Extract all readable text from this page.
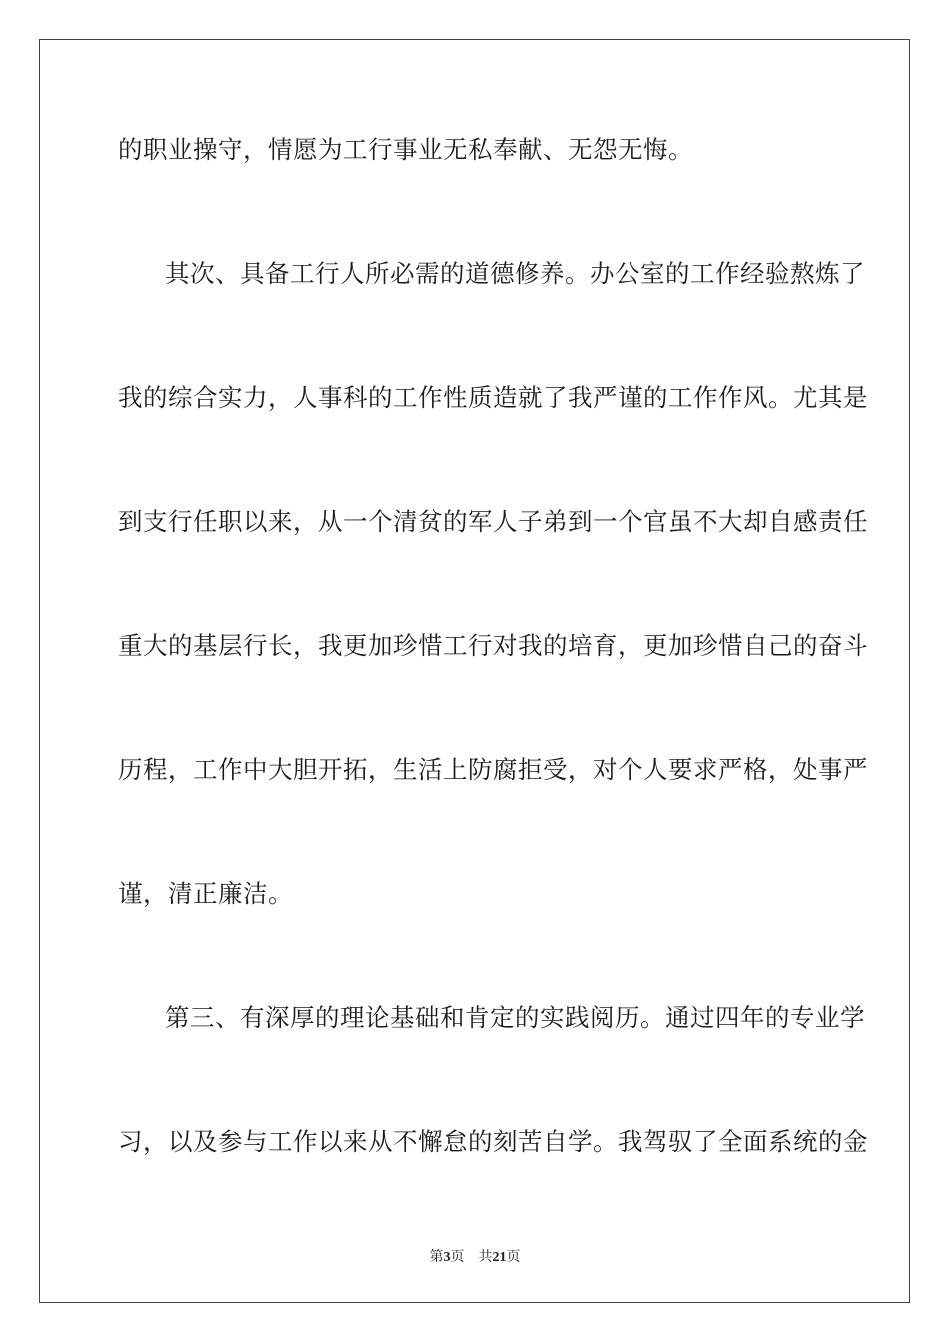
的职业操守，情愿为工行事业无私奉献、无怨无悔。
其次、具备工行人所必需的道德修养。办公室的工作经验熬炼了
我的综合实力，人事科的工作性质造就了我严谨的工作作风。尤其是
到支行任职以来，从一个清贫的军人子弟到一个官虽不大却自感责任
重大的基层行长，我更加珍惜工行对我的培育，更加珍惜自己的奋斗
历程，工作中大胆开拓，生活上防腐拒受，对个人要求严格，处事严
谨，清正廉洁。
第三、有深厚的理论基础和肯定的实践阅历。通过四年的专业学
习，以及参与工作以来从不懈怠的刻苦自学。我驾驭了全面系统的金
第3页 共21页
